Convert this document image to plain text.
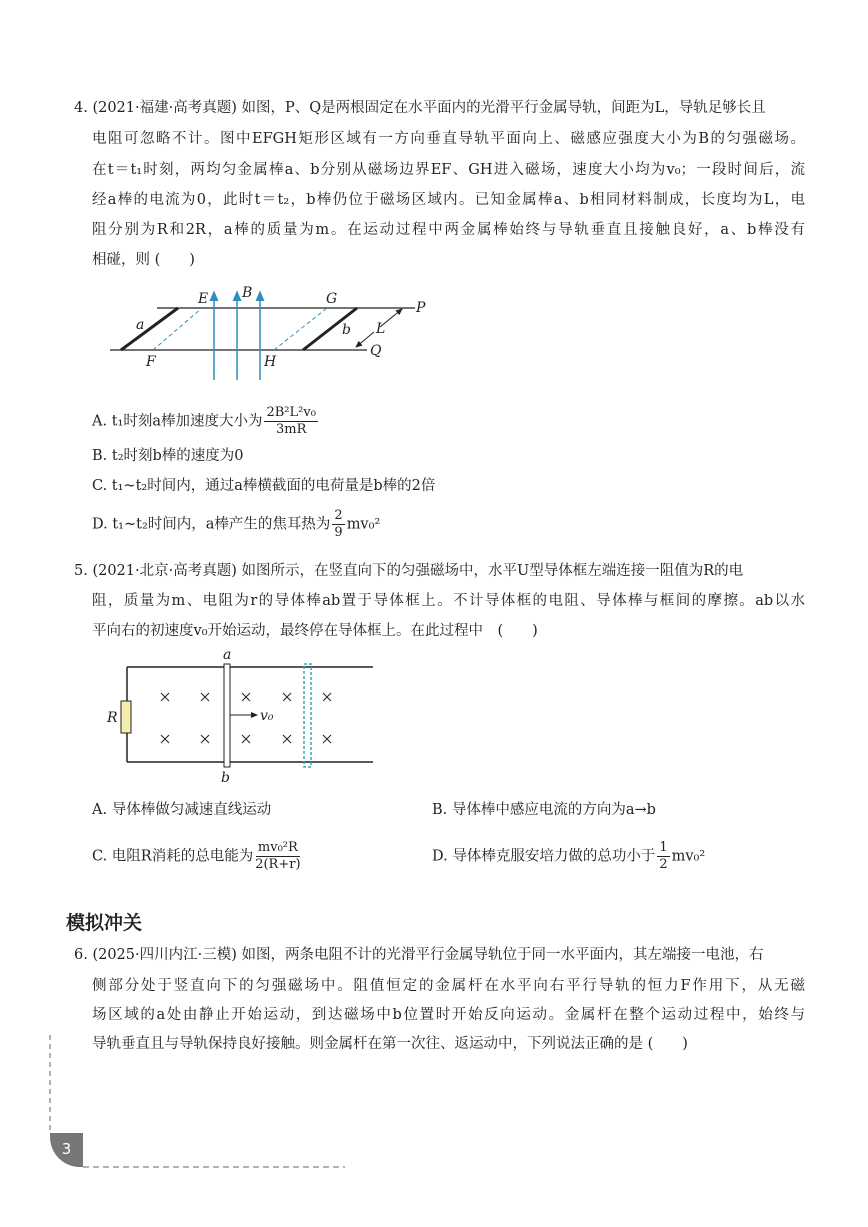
4. (2021·福建·高考真题) 如图，P、Q是两根固定在水平面内的光滑平行金属导轨，间距为L，导轨足够长且
电阻可忽略不计。图中EFGH矩形区域有一方向垂直导轨平面向上、磁感应强度大小为B的匀强磁场。
在t＝t₁时刻，两均匀金属棒a、b分别从磁场边界EF、GH进入磁场，速度大小均为v₀；一段时间后，流
经a棒的电流为0，此时t＝t₂，b棒仍位于磁场区域内。已知金属棒a、b相同材料制成，长度均为L，电
阻分别为R和2R，a棒的质量为m。在运动过程中两金属棒始终与导轨垂直且接触良好，a、b棒没有
相碰，则 (　　)
A. t₁时刻a棒加速度大小为 $\frac{\text{2B²L²v₀}}{3mR}$
B. t₂时刻b棒的速度为0
C. t₁~t₂时间内，通过a棒横截面的电荷量是b棒的2倍
D. t₁~t₂时间内，a棒产生的焦耳热为 $\frac{2}{9} mv_0^2$
5. (2021·北京·高考真题) 如图所示，在竖直向下的匀强磁场中，水平U型导体框左端连接一阻值为R的电
阻，质量为m、电阻为r的导体棒ab置于导体框上。不计导体框的电阻、导体棒与框间的摩擦。ab以水
平向右的初速度v₀开始运动，最终停在导体框上。在此过程中　(　　)
A. 导体棒做匀减速直线运动	B. 导体棒中感应电流的方向为a→b
C. 电阻R消耗的总电能为 $\frac{\text{mv₀²R}}{2(R+r)}$	D. 导体棒克服安培力做的总功小于 $\frac{1}{2} mv_0^2$
模拟冲关
6. (2025·四川内江·三模) 如图，两条电阻不计的光滑平行金属导轨位于同一水平面内，其左端接一电池，右
侧部分处于竖直向下的匀强磁场中。阻值恒定的金属杆在水平向右平行导轨的恒力F作用下，从无磁
场区域的a处由静止开始运动，到达磁场中b位置时开始反向运动。金属杆在整个运动过程中，始终与
导轨垂直且与导轨保持良好接触。则金属杆在第一次往、返运动中，下列说法正确的是 (　　)
E B	G
a	b L
P
F	H
Q
v₀
a
b
R
3
